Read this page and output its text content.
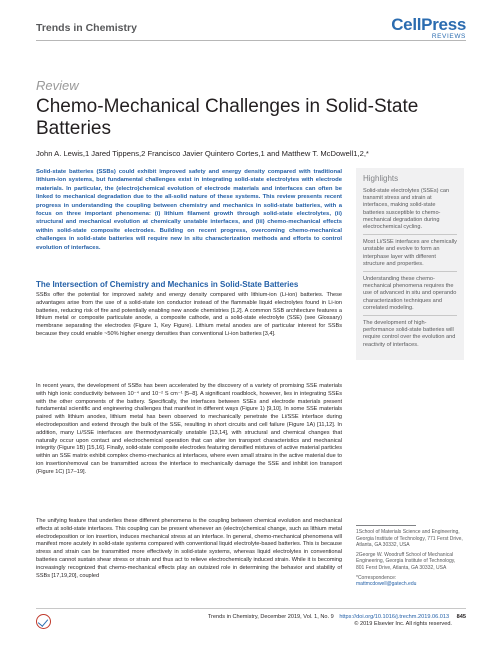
Trends in Chemistry	CellPress
REVIEWS
Review
Chemo-Mechanical Challenges in Solid-State Batteries
John A. Lewis,1 Jared Tippens,2 Francisco Javier Quintero Cortes,1 and Matthew T. McDowell1,2,*

Solid-state batteries (SSBs) could exhibit improved safety and energy density compared with traditional lithium-ion systems, but fundamental challenges exist in integrating solid-state electrolytes with electrode materials. In particular, the (electro)chemical evolution of electrode materials and interfaces can often be linked to mechanical degradation due to the all-solid nature of these systems. This review presents recent progress in understanding the coupling between chemistry and mechanics in solid-state batteries, with a focus on three important phenomena: (i) lithium filament growth through solid-state electrolytes, (ii) structural and mechanical evolution at chemically unstable interfaces, and (iii) chemo-mechanical effects within solid-state composite electrodes. Building on recent progress, overcoming chemo-mechanical challenges in solid-state batteries will require new in situ characterization methods and efforts to control evolution of interfaces.

Highlights

Solid-state electrolytes (SSEs) can transmit stress and strain at interfaces, making solid-state batteries susceptible to chemo-mechanical degradation during electrochemical cycling.

Most Li/SSE interfaces are chemically unstable and evolve to form an interphase layer with different structure and properties.

Understanding these chemo-mechanical phenomena requires the use of advanced in situ and operando characterization techniques and correlated modeling.

The development of high-performance solid-state batteries will require control over the evolution and reactivity of interfaces.

The Intersection of Chemistry and Mechanics in Solid-State Batteries

SSBs offer the potential for improved safety and energy density compared with lithium-ion (Li-ion) batteries. These advantages arise from the use of a solid-state ion conductor instead of the flammable liquid electrolytes found in Li-ion batteries, reducing risk of fire and potentially enabling new anode chemistries [1,2]. A common SSB architecture features a lithium metal or composite particulate anode, a composite cathode, and a solid-state electrolyte (SSE) (see Glossary) membrane separating the electrodes (Figure 1, Key Figure). Lithium metal anodes are of particular interest for SSBs because they could enable ~50% higher energy densities than conventional Li-ion batteries [3,4].

In recent years, the development of SSBs has been accelerated by the discovery of a variety of promising SSE materials with high ionic conductivity between 10⁻⁴ and 10⁻² S cm⁻¹ [5–8]. A significant roadblock, however, lies in integrating SSEs with the other components of the battery. Specifically, the interfaces between SSEs and electrode materials present fundamental scientific and engineering challenges that manifest in different ways (Figure 1) [9,10]. In some SSE materials paired with lithium anodes, lithium metal has been observed to mechanically penetrate the Li/SSE interface during electrodeposition and extend through the bulk of the SSE, resulting in short circuits and cell failure (Figure 1A) [11,12]. In addition, many Li/SSE interfaces are thermodynamically unstable [13,14], with structural and chemical changes that naturally occur upon contact and electrochemical operation that can alter ion transport characteristics and mechanical integrity (Figure 1B) [15,16]. Finally, solid-state composite electrodes featuring densified mixtures of active material particles within an SSE matrix exhibit complex chemo-mechanics at interfaces, where even small strains in the active material due to ion insertion/removal can be transmitted across the interface to mechanically damage the SSE and inhibit ion transport (Figure 1C) [17–19].

The unifying feature that underlies these different phenomena is the coupling between chemical evolution and mechanical effects at solid-state interfaces. This coupling can be present whenever an (electro)chemical change, such as lithium metal electrodeposition or ion insertion, induces mechanical stress at an interface. In general, chemo-mechanical phenomena will manifest more acutely in solid-state systems compared with conventional liquid electrolyte-based batteries. This is because stress and strain can be transmitted more effectively in solid-state systems, whereas liquid electrolytes in conventional batteries cannot sustain shear stress or strain and thus act to relieve electrochemically induced strain. While it is becoming increasingly recognized that chemo-mechanical effects play an outsized role in determining the behavior and stability of SSBs [17,19,20], coupled

1School of Materials Science and Engineering, Georgia Institute of Technology, 771 Ferst Drive, Atlanta, GA 30332, USA

2George W. Woodruff School of Mechanical Engineering, Georgia Institute of Technology, 801 Ferst Drive, Atlanta, GA 30332, USA

*Correspondence:

mattmcdowell@gatech.edu

Trends in Chemistry, December 2019, Vol. 1, No. 9 https://doi.org/10.1016/j.trechm.2019.06.013 845
© 2019 Elsevier Inc. All rights reserved.
